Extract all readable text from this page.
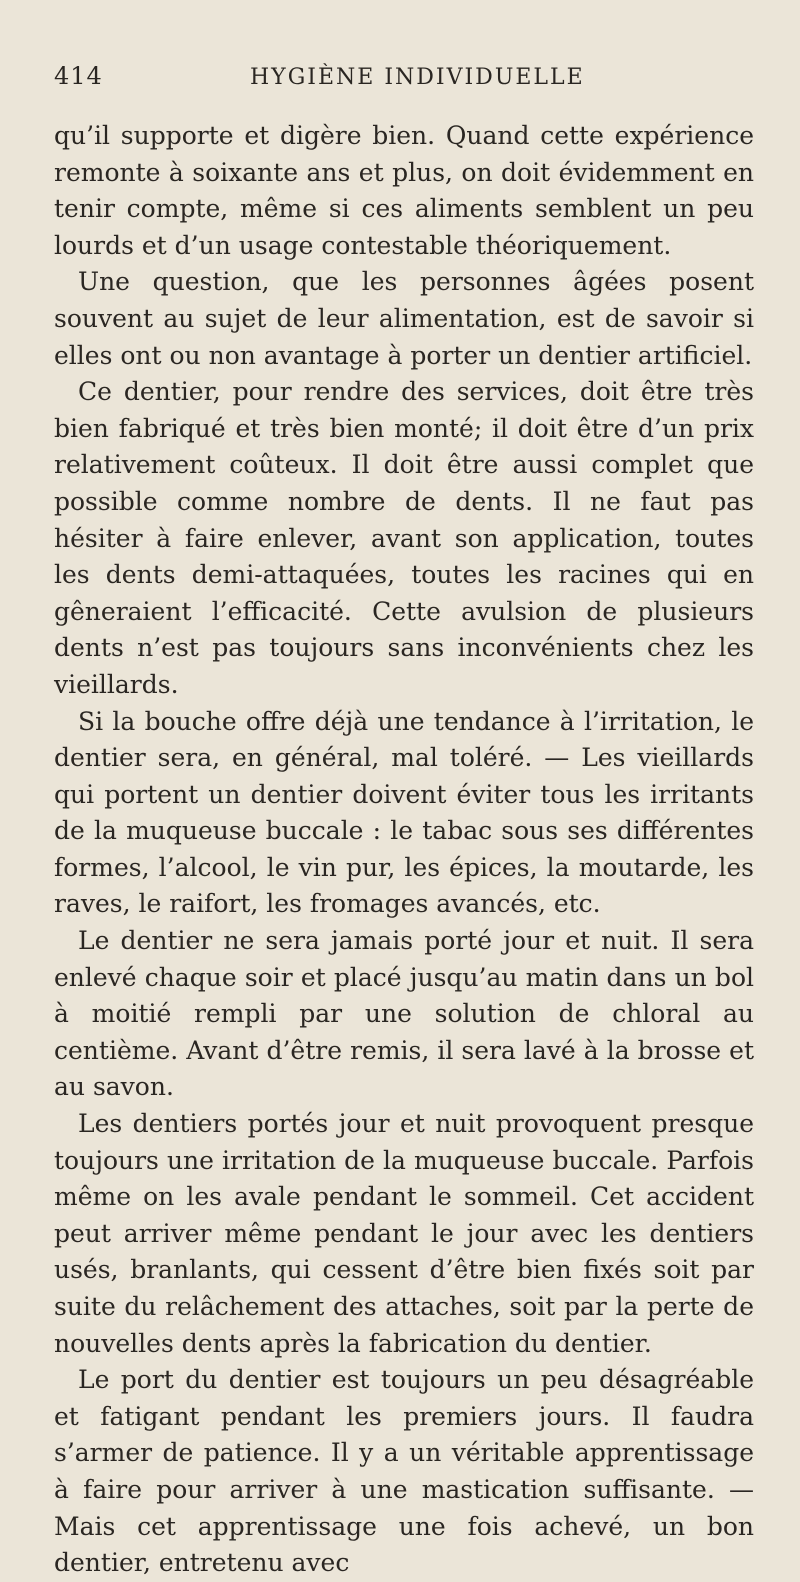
414	HYGIÈNE INDIVIDUELLE

qu’il supporte et digère bien. Quand cette expérience remonte à soixante ans et plus, on doit évidemment en tenir compte, même si ces aliments semblent un peu lourds et d’un usage contestable théoriquement.

Une question, que les personnes âgées posent souvent au sujet de leur alimentation, est de savoir si elles ont ou non avantage à porter un dentier artificiel.

Ce dentier, pour rendre des services, doit être très bien fabriqué et très bien monté; il doit être d’un prix relativement coûteux. Il doit être aussi complet que possible comme nombre de dents. Il ne faut pas hésiter à faire enlever, avant son application, toutes les dents demi-attaquées, toutes les racines qui en gêneraient l’efficacité. Cette avulsion de plusieurs dents n’est pas toujours sans inconvénients chez les vieillards.

Si la bouche offre déjà une tendance à l’irritation, le dentier sera, en général, mal toléré. — Les vieillards qui portent un dentier doivent éviter tous les irritants de la muqueuse buccale : le tabac sous ses différentes formes, l’alcool, le vin pur, les épices, la moutarde, les raves, le raifort, les fromages avancés, etc.

Le dentier ne sera jamais porté jour et nuit. Il sera enlevé chaque soir et placé jusqu’au matin dans un bol à moitié rempli par une solution de chloral au centième. Avant d’être remis, il sera lavé à la brosse et au savon.

Les dentiers portés jour et nuit provoquent presque toujours une irritation de la muqueuse buccale. Parfois même on les avale pendant le sommeil. Cet accident peut arriver même pendant le jour avec les dentiers usés, branlants, qui cessent d’être bien fixés soit par suite du relâchement des attaches, soit par la perte de nouvelles dents après la fabrication du dentier.

Le port du dentier est toujours un peu désagréable et fatigant pendant les premiers jours. Il faudra s’armer de patience. Il y a un véritable apprentissage à faire pour arriver à une mastication suffisante. — Mais cet apprentissage une fois achevé, un bon dentier, entretenu avec
